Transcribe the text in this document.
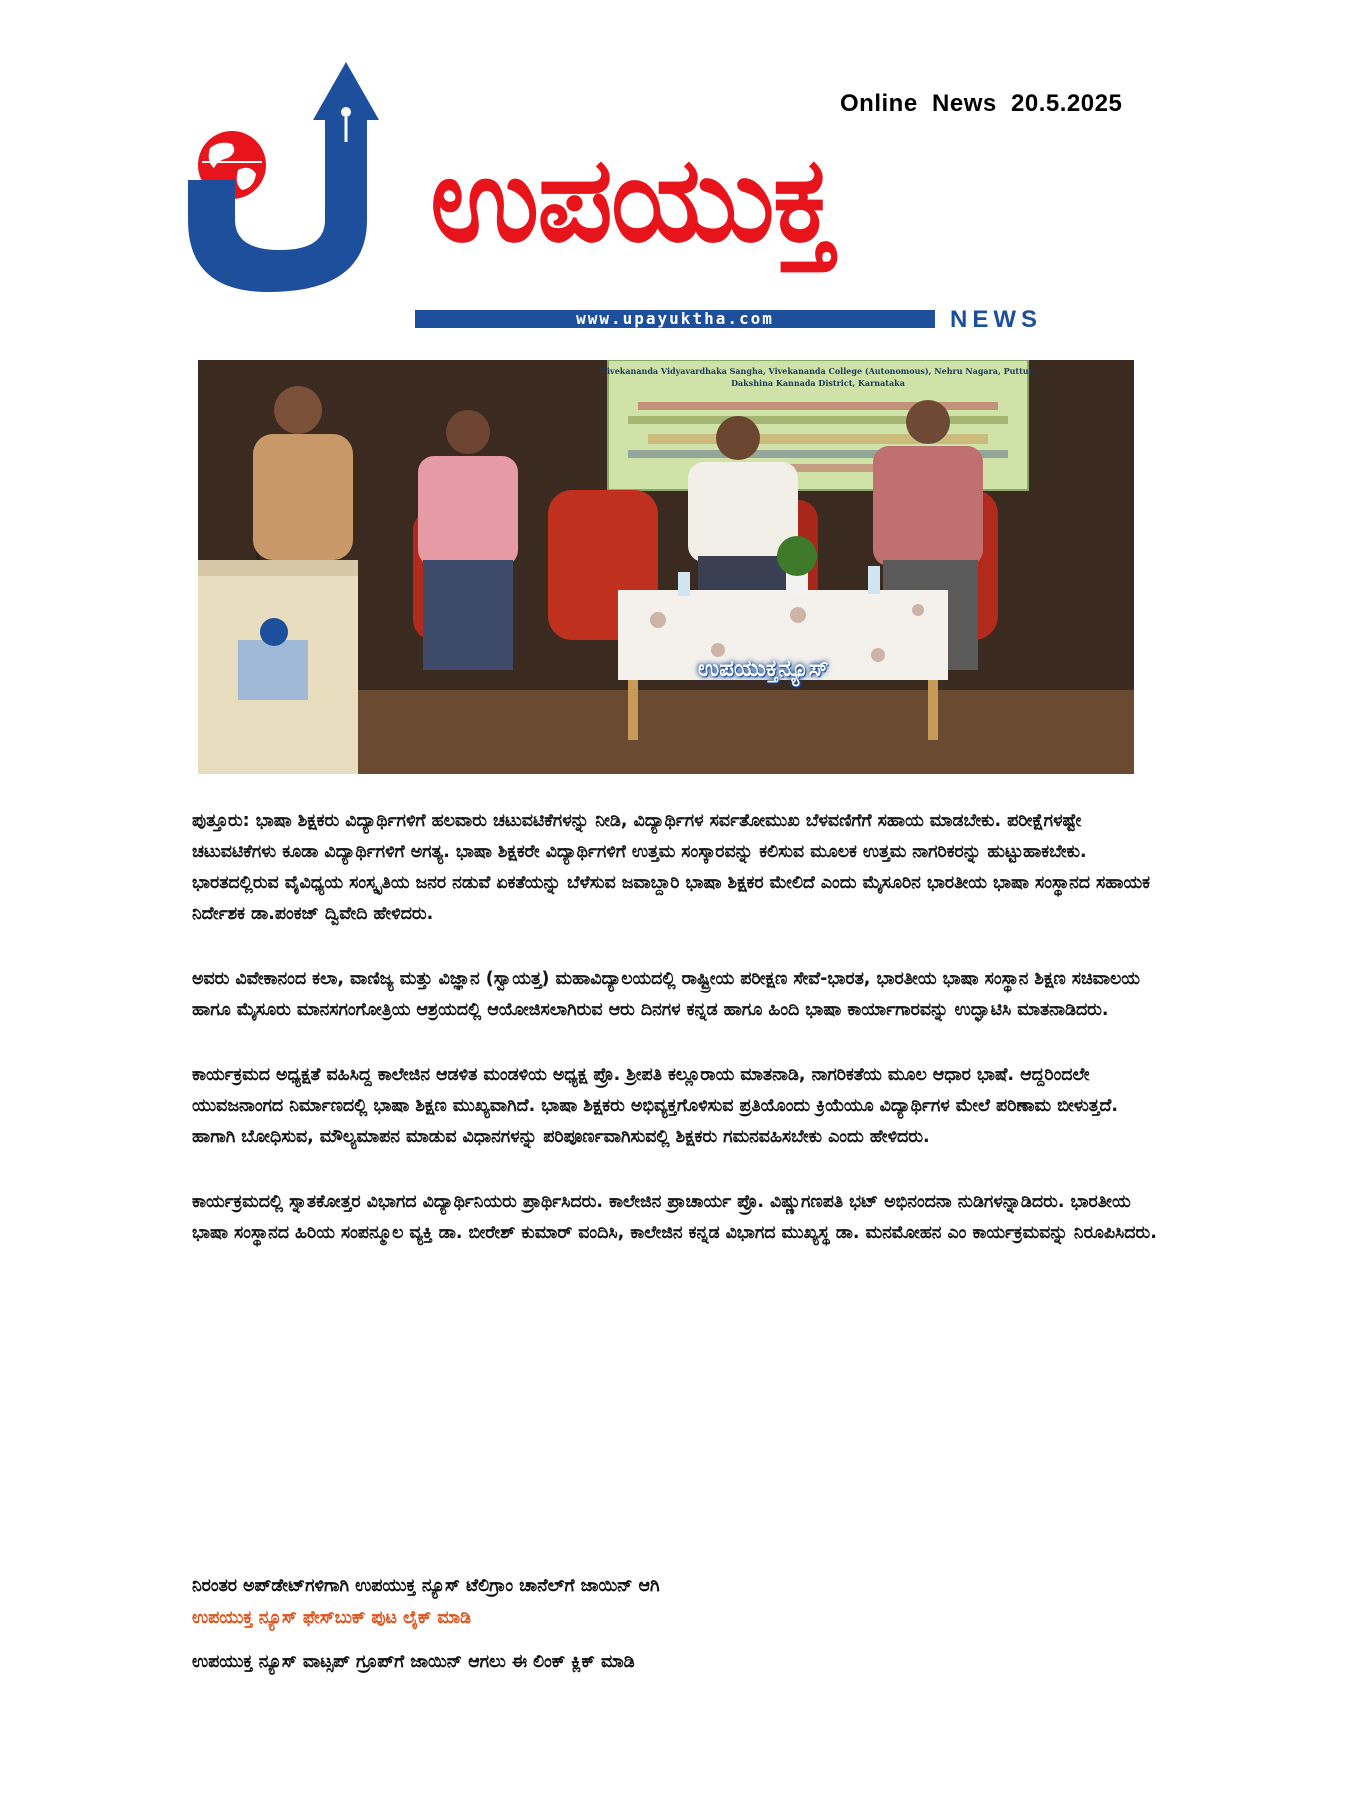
Online  News  20.5.2025
ಉಪಯುಕ್ತ
www.upayuktha.com	NEWS
Vivekananda Vidyavardhaka Sangha, Vivekananda College (Autonomous), Nehru Nagara, Puttur,
Dakshina Kannada District, Karnataka
ಉಪಯುಕ್ತನ್ಯೂಸ್

ಪುತ್ತೂರು: ಭಾಷಾ ಶಿಕ್ಷಕರು ವಿದ್ಯಾರ್ಥಿಗಳಿಗೆ ಹಲವಾರು ಚಟುವಟಿಕೆಗಳನ್ನು ನೀಡಿ, ವಿದ್ಯಾರ್ಥಿಗಳ ಸರ್ವತೋಮುಖ ಬೆಳವಣಿಗೆಗೆ ಸಹಾಯ ಮಾಡಬೇಕು. ಪರೀಕ್ಷೆಗಳಷ್ಟೇ ಚಟುವಟಿಕೆಗಳು ಕೂಡಾ ವಿದ್ಯಾರ್ಥಿಗಳಿಗೆ ಅಗತ್ಯ. ಭಾಷಾ ಶಿಕ್ಷಕರೇ ವಿದ್ಯಾರ್ಥಿಗಳಿಗೆ ಉತ್ತಮ ಸಂಸ್ಕಾರವನ್ನು ಕಲಿಸುವ ಮೂಲಕ ಉತ್ತಮ ನಾಗರಿಕರನ್ನು ಹುಟ್ಟುಹಾಕಬೇಕು. ಭಾರತದಲ್ಲಿರುವ ವೈವಿಧ್ಯಯ ಸಂಸ್ಕೃತಿಯ ಜನರ ನಡುವೆ ಏಕತೆಯನ್ನು ಬೆಳೆಸುವ ಜವಾಬ್ದಾರಿ ಭಾಷಾ ಶಿಕ್ಷಕರ ಮೇಲಿದೆ ಎಂದು ಮೈಸೂರಿನ ಭಾರತೀಯ ಭಾಷಾ ಸಂಸ್ಥಾನದ ಸಹಾಯಕ ನಿರ್ದೇಶಕ ಡಾ.ಪಂಕಜ್ ದ್ವಿವೇದಿ ಹೇಳಿದರು.

ಅವರು ವಿವೇಕಾನಂದ ಕಲಾ, ವಾಣಿಜ್ಯ ಮತ್ತು ವಿಜ್ಞಾನ (ಸ್ವಾಯತ್ತ) ಮಹಾವಿದ್ಯಾಲಯದಲ್ಲಿ ರಾಷ್ಟ್ರೀಯ ಪರೀಕ್ಷಣ ಸೇವೆ-ಭಾರತ, ಭಾರತೀಯ ಭಾಷಾ ಸಂಸ್ಥಾನ ಶಿಕ್ಷಣ ಸಚಿವಾಲಯ ಹಾಗೂ ಮೈಸೂರು ಮಾನಸಗಂಗೋತ್ರಿಯ ಆಶ್ರಯದಲ್ಲಿ ಆಯೋಜಿಸಲಾಗಿರುವ ಆರು ದಿನಗಳ ಕನ್ನಡ ಹಾಗೂ ಹಿಂದಿ ಭಾಷಾ ಕಾರ್ಯಾಗಾರವನ್ನು ಉದ್ಘಾಟಿಸಿ ಮಾತನಾಡಿದರು.

ಕಾರ್ಯಕ್ರಮದ ಅಧ್ಯಕ್ಷತೆ ವಹಿಸಿದ್ದ ಕಾಲೇಜಿನ ಆಡಳಿತ ಮಂಡಳಿಯ ಅಧ್ಯಕ್ಷ ಪ್ರೊ. ಶ್ರೀಪತಿ ಕಲ್ಲೂರಾಯ ಮಾತನಾಡಿ, ನಾಗರಿಕತೆಯ ಮೂಲ ಆಧಾರ ಭಾಷೆ. ಆದ್ದರಿಂದಲೇ ಯುವಜನಾಂಗದ ನಿರ್ಮಾಣದಲ್ಲಿ ಭಾಷಾ ಶಿಕ್ಷಣ ಮುಖ್ಯವಾಗಿದೆ. ಭಾಷಾ ಶಿಕ್ಷಕರು ಅಭಿವ್ಯಕ್ತಗೊಳಿಸುವ ಪ್ರತಿಯೊಂದು ಕ್ರಿಯೆಯೂ ವಿದ್ಯಾರ್ಥಿಗಳ ಮೇಲೆ ಪರಿಣಾಮ ಬೀಳುತ್ತದೆ. ಹಾಗಾಗಿ ಬೋಧಿಸುವ, ಮೌಲ್ಯಮಾಪನ ಮಾಡುವ ವಿಧಾನಗಳನ್ನು ಪರಿಪೂರ್ಣವಾಗಿಸುವಲ್ಲಿ ಶಿಕ್ಷಕರು ಗಮನವಹಿಸಬೇಕು ಎಂದು ಹೇಳಿದರು.

ಕಾರ್ಯಕ್ರಮದಲ್ಲಿ ಸ್ನಾತಕೋತ್ತರ ವಿಭಾಗದ ವಿದ್ಯಾರ್ಥಿನಿಯರು ಪ್ರಾರ್ಥಿಸಿದರು. ಕಾಲೇಜಿನ ಪ್ರಾಚಾರ್ಯ ಪ್ರೊ. ವಿಷ್ಣುಗಣಪತಿ ಭಟ್ ಅಭಿನಂದನಾ ನುಡಿಗಳನ್ನಾಡಿದರು. ಭಾರತೀಯ ಭಾಷಾ ಸಂಸ್ಥಾನದ ಹಿರಿಯ ಸಂಪನ್ಮೂಲ ವ್ಯಕ್ತಿ ಡಾ. ಬೀರೇಶ್ ಕುಮಾರ್ ವಂದಿಸಿ, ಕಾಲೇಜಿನ ಕನ್ನಡ ವಿಭಾಗದ ಮುಖ್ಯಸ್ಥ ಡಾ. ಮನಮೋಹನ ಎಂ ಕಾರ್ಯಕ್ರಮವನ್ನು ನಿರೂಪಿಸಿದರು.

ನಿರಂತರ ಅಪ್‌ಡೇಟ್‌ಗಳಿಗಾಗಿ ಉಪಯುಕ್ತ ನ್ಯೂಸ್ ಟೆಲಿಗ್ರಾಂ ಚಾನೆಲ್‌ಗೆ ಜಾಯಿನ್ ಆಗಿ
ಉಪಯುಕ್ತ ನ್ಯೂಸ್ ಫೇಸ್‌ಬುಕ್ ಪುಟ ಲೈಕ್ ಮಾಡಿ
ಉಪಯುಕ್ತ ನ್ಯೂಸ್ ವಾಟ್ಸಪ್ ಗ್ರೂಪ್‌ಗೆ ಜಾಯಿನ್ ಆಗಲು ಈ ಲಿಂಕ್ ಕ್ಲಿಕ್ ಮಾಡಿ
